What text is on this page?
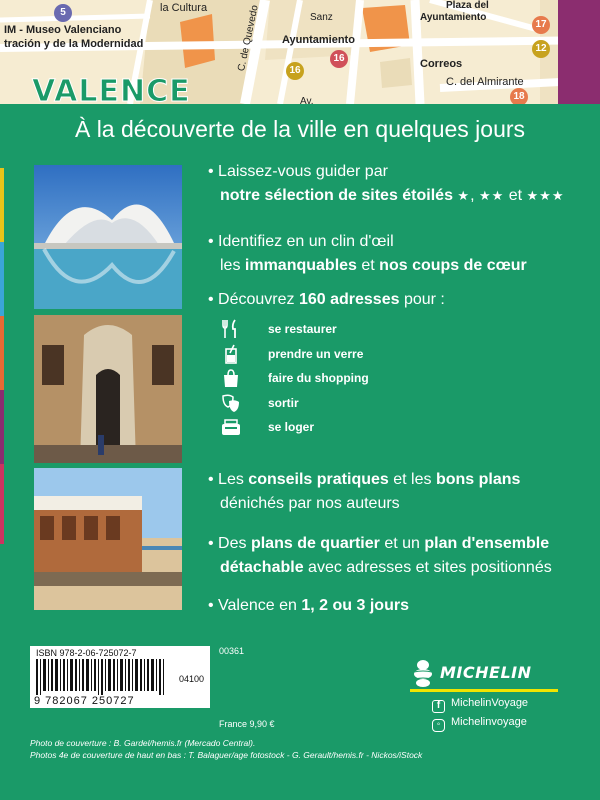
5	la Cultura
IM - Museo Valenciano
tración y de la Modernidad	C. de Quevedo	Sanz
Plaza del
Ayuntamiento
Ayuntamiento
Correos
C. del Almirante
Av.
16
16
17
12
18
VALENCE
À la découverte de la ville en quelques jours
• Laissez-vous guider par
notre sélection de sites étoilés ★, ★★ et ★★★
• Identifiez en un clin d'œil
les immanquables et nos coups de cœur
• Découvrez 160 adresses pour :
se restaurer
prendre un verre
faire du shopping
sortir
se loger
• Les conseils pratiques et les bons plans
dénichés par nos auteurs
• Des plans de quartier et un plan d'ensemble
détachable avec adresses et sites positionnés
• Valence en 1, 2 ou 3 jours
ISBN 978-2-06-725072-7
04100
9 782067 250727
00361
France 9,90 €
Photo de couverture : B. Gardel/hemis.fr (Mercado Central).
Photos 4e de couverture de haut en bas : T. Balaguer/age fotostock - G. Gerault/hemis.fr - Nickos/iStock
MICHELIN
f MichelinVoyage
◦ Michelinvoyage
